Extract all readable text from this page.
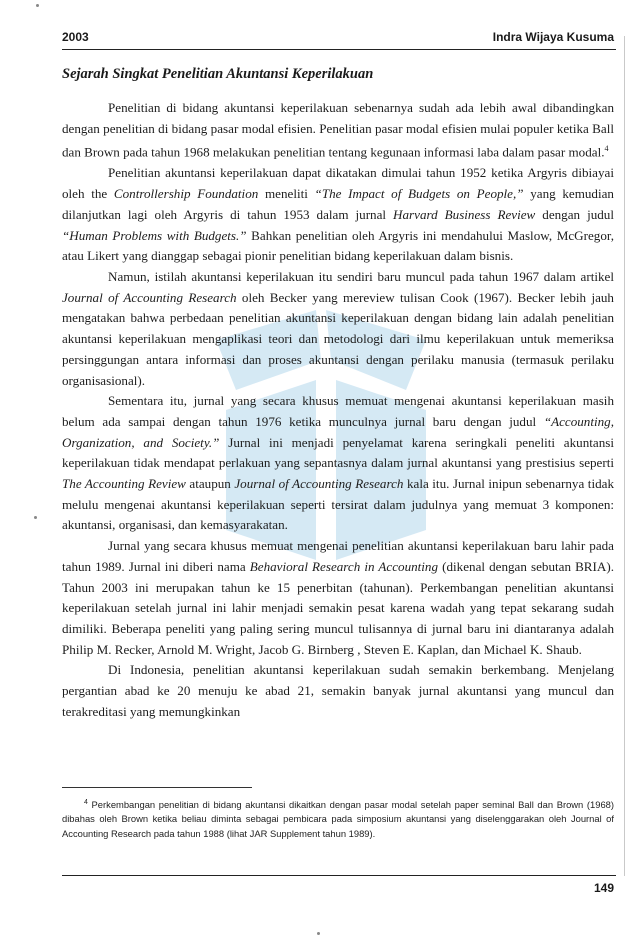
2003	Indra Wijaya Kusuma
Sejarah Singkat Penelitian Akuntansi Keperilakuan

Penelitian di bidang akuntansi keperilakuan sebenarnya sudah ada lebih awal dibandingkan dengan penelitian di bidang pasar modal efisien. Penelitian pasar modal efisien mulai populer ketika Ball dan Brown pada tahun 1968 melakukan penelitian tentang kegunaan informasi laba dalam pasar modal.$^4$

Penelitian akuntansi keperilakuan dapat dikatakan dimulai tahun 1952 ketika Argyris dibiayai oleh the Controllership Foundation meneliti “The Impact of Budgets on People,” yang kemudian dilanjutkan lagi oleh Argyris di tahun 1953 dalam jurnal Harvard Business Review dengan judul “Human Problems with Budgets.” Bahkan penelitian oleh Argyris ini mendahului Maslow, McGregor, atau Likert yang dianggap sebagai pionir penelitian bidang keperilakuan dalam bisnis.

Namun, istilah akuntansi keperilakuan itu sendiri baru muncul pada tahun 1967 dalam artikel Journal of Accounting Research oleh Becker yang mereview tulisan Cook (1967). Becker lebih jauh mengatakan bahwa perbedaan penelitian akuntansi keperilakuan dengan bidang lain adalah penelitian akuntansi keperilakuan mengaplikasi teori dan metodologi dari ilmu keperilakuan untuk memeriksa persinggungan antara informasi dan proses akuntansi dengan perilaku manusia (termasuk perilaku organisasional).

Sementara itu, jurnal yang secara khusus memuat mengenai akuntansi keperilakuan masih belum ada sampai dengan tahun 1976 ketika munculnya jurnal baru dengan judul “Accounting, Organization, and Society.” Jurnal ini menjadi penyelamat karena seringkali peneliti akuntansi keperilakuan tidak mendapat perlakuan yang sepantasnya dalam jurnal akuntansi yang prestisius seperti The Accounting Review ataupun Journal of Accounting Research kala itu. Jurnal inipun sebenarnya tidak melulu mengenai akuntansi keperilakuan seperti tersirat dalam judulnya yang memuat 3 komponen: akuntansi, organisasi, dan kemasyarakatan.

Jurnal yang secara khusus memuat mengenai penelitian akuntansi keperilakuan baru lahir pada tahun 1989. Jurnal ini diberi nama Behavioral Research in Accounting (dikenal dengan sebutan BRIA). Tahun 2003 ini merupakan tahun ke 15 penerbitan (tahunan). Perkembangan penelitian akuntansi keperilakuan setelah jurnal ini lahir menjadi semakin pesat karena wadah yang tepat sekarang sudah dimiliki. Beberapa peneliti yang paling sering muncul tulisannya di jurnal baru ini diantaranya adalah Philip M. Recker, Arnold M. Wright, Jacob G. Birnberg , Steven E. Kaplan, dan Michael K. Shaub.

Di Indonesia, penelitian akuntansi keperilakuan sudah semakin berkembang. Menjelang pergantian abad ke 20 menuju ke abad 21, semakin banyak jurnal akuntansi yang muncul dan terakreditasi yang memungkinkan

$^4$ Perkembangan penelitian di bidang akuntansi dikaitkan dengan pasar modal setelah paper seminal Ball dan Brown (1968) dibahas oleh Brown ketika beliau diminta sebagai pembicara pada simposium akuntansi yang diselenggarakan oleh Journal of Accounting Research pada tahun 1988 (lihat JAR Supplement tahun 1989).

149
